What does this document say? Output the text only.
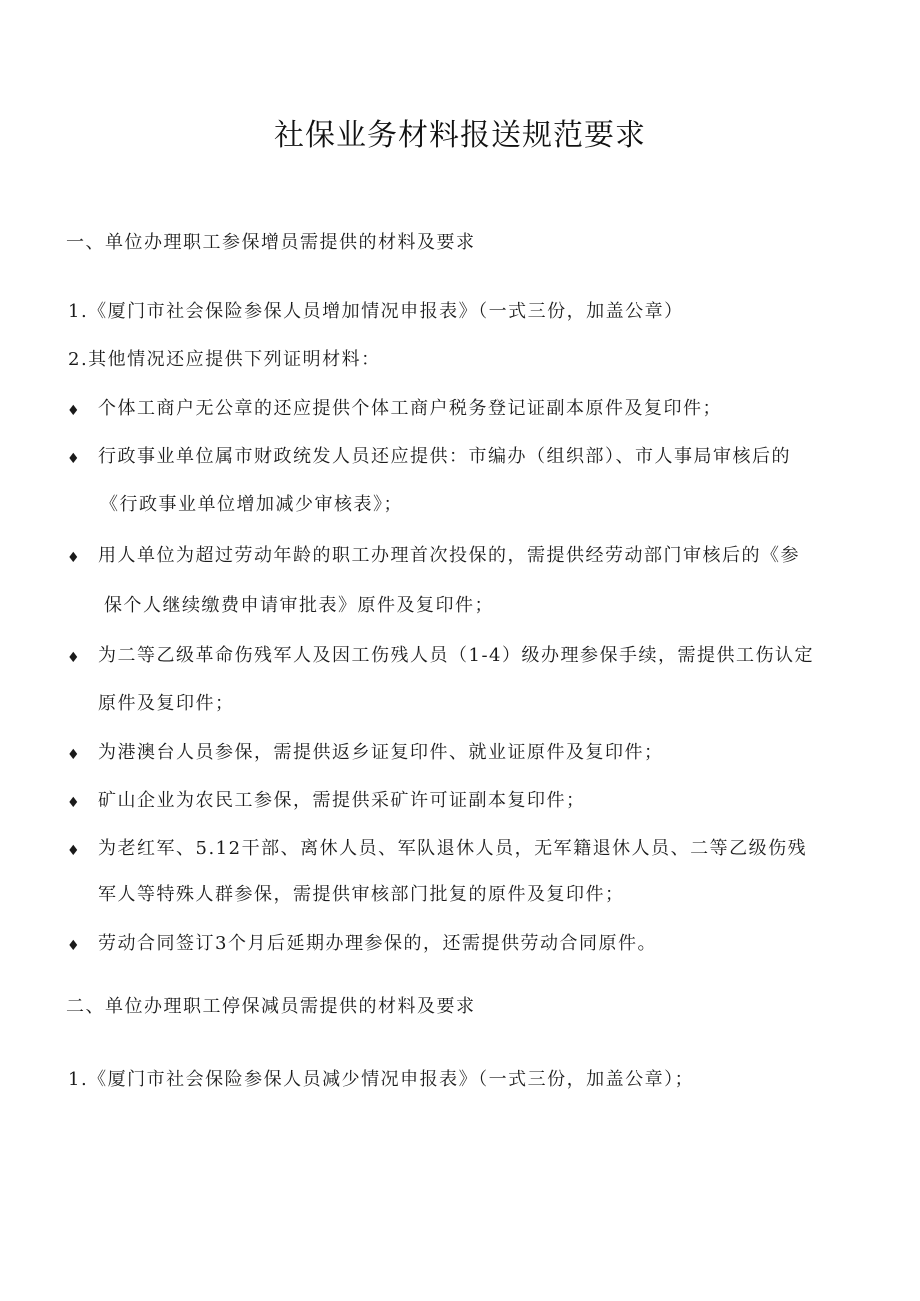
社保业务材料报送规范要求
一、单位办理职工参保增员需提供的材料及要求
1.《厦门市社会保险参保人员增加情况申报表》（一式三份，加盖公章）
2.其他情况还应提供下列证明材料：
♦ 个体工商户无公章的还应提供个体工商户税务登记证副本原件及复印件；
♦ 行政事业单位属市财政统发人员还应提供：市编办（组织部）、市人事局审核后的
《行政事业单位增加减少审核表》；
♦ 用人单位为超过劳动年龄的职工办理首次投保的，需提供经劳动部门审核后的《参
保个人继续缴费申请审批表》原件及复印件；
♦ 为二等乙级革命伤残军人及因工伤残人员（1-4）级办理参保手续，需提供工伤认定
原件及复印件；
♦ 为港澳台人员参保，需提供返乡证复印件、就业证原件及复印件；
♦ 矿山企业为农民工参保，需提供采矿许可证副本复印件；
♦ 为老红军、5.12干部、离休人员、军队退休人员，无军籍退休人员、二等乙级伤残
军人等特殊人群参保，需提供审核部门批复的原件及复印件；
♦ 劳动合同签订3个月后延期办理参保的，还需提供劳动合同原件。
二、单位办理职工停保减员需提供的材料及要求
1.《厦门市社会保险参保人员减少情况申报表》（一式三份，加盖公章）；
